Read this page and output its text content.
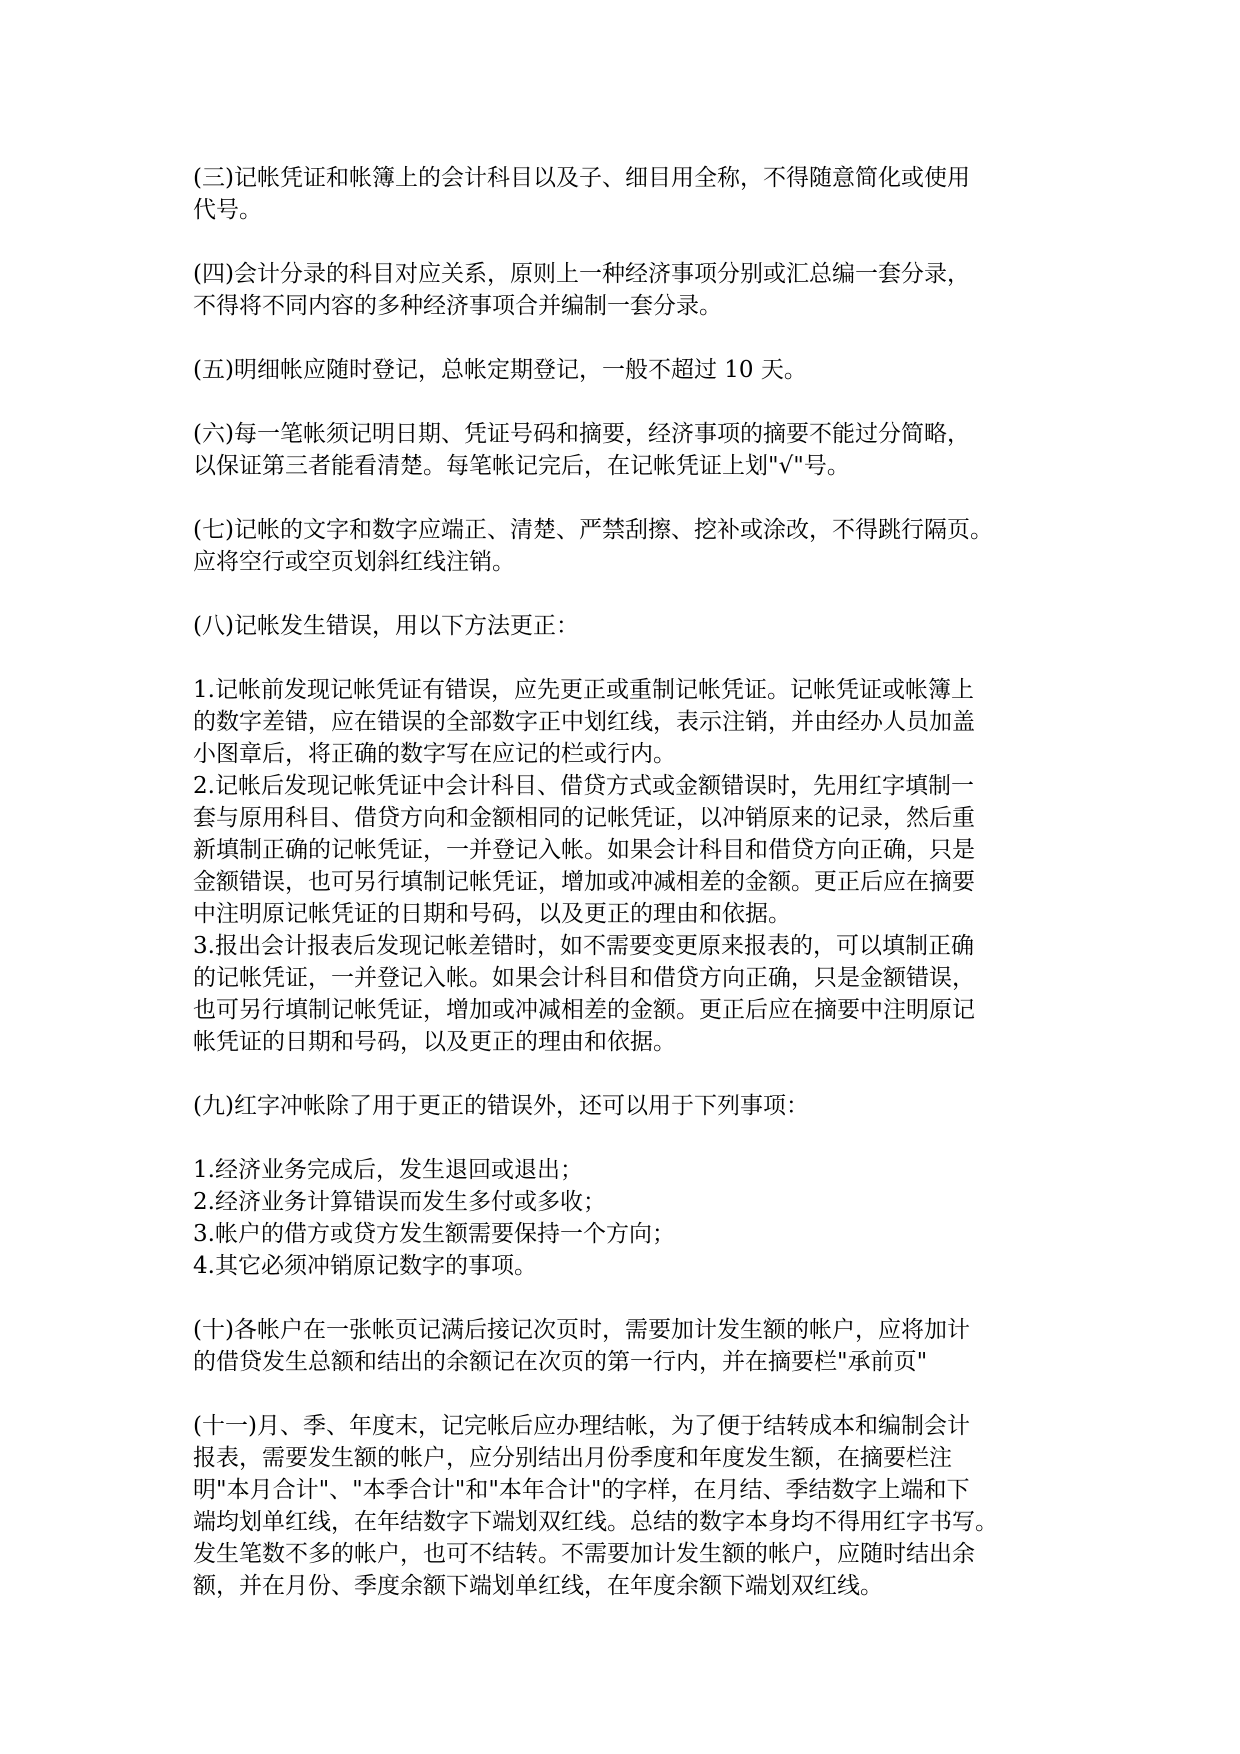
(三)记帐凭证和帐簿上的会计科目以及子、细目用全称，不得随意简化或使用
代号。

(四)会计分录的科目对应关系，原则上一种经济事项分别或汇总编一套分录，
不得将不同内容的多种经济事项合并编制一套分录。

(五)明细帐应随时登记，总帐定期登记，一般不超过 10 天。

(六)每一笔帐须记明日期、凭证号码和摘要，经济事项的摘要不能过分简略，
以保证第三者能看清楚。每笔帐记完后，在记帐凭证上划"√"号。

(七)记帐的文字和数字应端正、清楚、严禁刮擦、挖补或涂改，不得跳行隔页。
应将空行或空页划斜红线注销。

(八)记帐发生错误，用以下方法更正：

1.记帐前发现记帐凭证有错误，应先更正或重制记帐凭证。记帐凭证或帐簿上
的数字差错，应在错误的全部数字正中划红线，表示注销，并由经办人员加盖
小图章后，将正确的数字写在应记的栏或行内。

2.记帐后发现记帐凭证中会计科目、借贷方式或金额错误时，先用红字填制一
套与原用科目、借贷方向和金额相同的记帐凭证，以冲销原来的记录，然后重
新填制正确的记帐凭证，一并登记入帐。如果会计科目和借贷方向正确，只是
金额错误，也可另行填制记帐凭证，增加或冲减相差的金额。更正后应在摘要
中注明原记帐凭证的日期和号码，以及更正的理由和依据。

3.报出会计报表后发现记帐差错时，如不需要变更原来报表的，可以填制正确
的记帐凭证，一并登记入帐。如果会计科目和借贷方向正确，只是金额错误，
也可另行填制记帐凭证，增加或冲减相差的金额。更正后应在摘要中注明原记
帐凭证的日期和号码，以及更正的理由和依据。

(九)红字冲帐除了用于更正的错误外，还可以用于下列事项：

1.经济业务完成后，发生退回或退出；

2.经济业务计算错误而发生多付或多收；

3.帐户的借方或贷方发生额需要保持一个方向；

4.其它必须冲销原记数字的事项。

(十)各帐户在一张帐页记满后接记次页时，需要加计发生额的帐户，应将加计
的借贷发生总额和结出的余额记在次页的第一行内，并在摘要栏"承前页"

(十一)月、季、年度末，记完帐后应办理结帐，为了便于结转成本和编制会计
报表，需要发生额的帐户，应分别结出月份季度和年度发生额，在摘要栏注
明"本月合计"、"本季合计"和"本年合计"的字样，在月结、季结数字上端和下
端均划单红线，在年结数字下端划双红线。总结的数字本身均不得用红字书写。
发生笔数不多的帐户，也可不结转。不需要加计发生额的帐户，应随时结出余
额，并在月份、季度余额下端划单红线，在年度余额下端划双红线。
